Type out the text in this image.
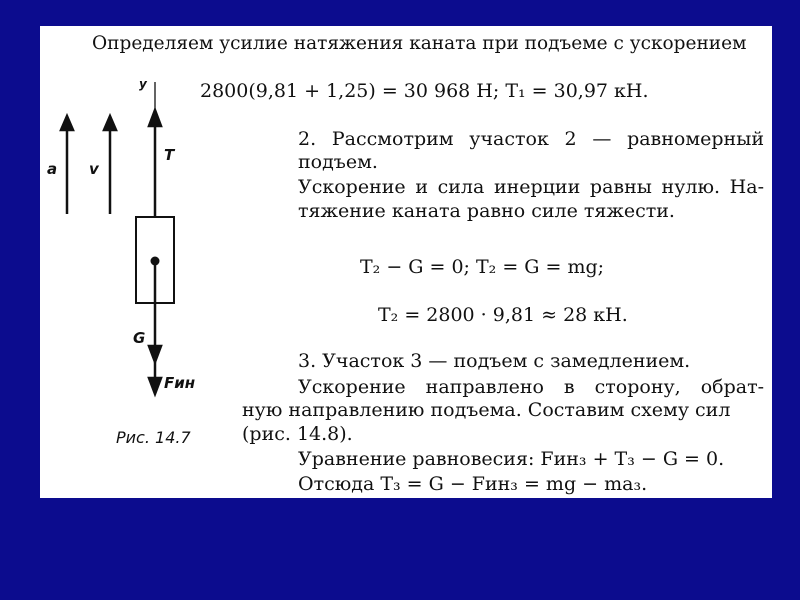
Определяем усилие натяжения каната при подъеме с ускорением
2800(9,81 + 1,25) = 30 968 Н; T₁ = 30,97 кН.
y
a v
T
G
Fин
Рис. 14.7
2. Рассмотрим участок 2 — равномерный
подъем.
Ускорение и сила инерции равны нулю. На-
тяжение каната равно силе тяжести.
T₂ − G = 0; T₂ = G = mg;
T₂ = 2800 · 9,81 ≈ 28 кН.
3. Участок 3 — подъем с замедлением.
Ускорение направлено в сторону, обрат-
ную направлению подъема. Составим схему сил
(рис. 14.8).
Уравнение равновесия: Fин₃ + T₃ − G = 0.
Отсюда T₃ = G − Fин₃ = mg − ma₃.
